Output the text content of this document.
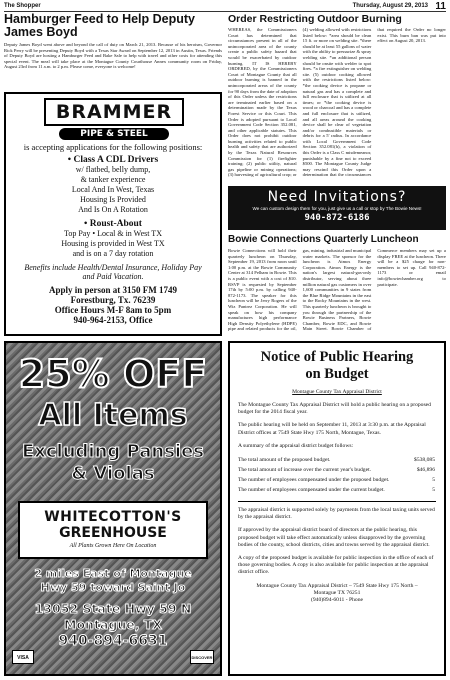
The Shopper	Thursday, August 29, 2013 11
Hamburger Feed to Help Deputy James Boyd
Deputy James Boyd went above and beyond the call of duty on March 21, 2013. Because of his heroism, Governor Rick Perry will be presenting Deputy Boyd with a Texas Star Award on September 12, 2013 in Austin, Texas. Friends of Deputy Boyd are hosting a Hamburger Feed and Bake Sale to help with travel and other costs for attending this special event. The meal will take place at the Montague County Courthouse Annex community room on Friday, August 23rd from 11 a.m. to 2 p.m. Please come, everyone is welcome!
BRAMMER
PIPE & STEEL
is accepting applications for the following positions:
• Class A CDL Drivers
w/ flatbed, belly dump,
& tanker experience
Local And In West, Texas
Housing Is Provided
And Is On A Rotation
• Roust-About
Top Pay • Local & in West TX
Housing is provided in West TX
and is on a 7 day rotation
Benefits include Health/Dental Insurance, Holiday Pay and Paid Vacation.
Apply in person at 3150 FM 1749
Forestburg, Tx. 76239
Office Hours M-F 8am to 5pm
940-964-2153, Office
Order Restricting Outdoor Burning
WHEREAS, the Commissioners Court has determined that circumstances present in all of the unincorporated area of the county create a public safety hazard that would be exacerbated by outdoor burning. IT IS HEREBY ORDERED, by the Commissioners Court of Montague County that all outdoor burning is banned in the unincorporated areas of the county for 90 days from the date of adoption of this Order unless the restrictions are terminated earlier based on a determination made by the Texas Forest Service or this Court. This Order is adopted pursuant to Local Government Code Section 352.081, and other applicable statutes. This Order does not prohibit outdoor burning activities related to public health and safety that are authorized by the Texas Natural Resources Commission for (1) firefighter training; (2) public utility, natural gas pipeline or mining operations; (3) harvesting of agricultural crop; or (4) welding allowed with restrictions listed below: *area should be clean 15 ft. or more on welding site. *there should be at least 55 gallons of water with the ability to pressurize & spray welding site. *an additional person should be onsite with welder to spot fires. *a fire extinguisher on welding site. (5) outdoor cooking allowed with the restrictions listed below: *the cooking device is propane or natural gas and has a complete and full enclosure that is utilized at all times; or *the cooking device is wood or charcoal and has a complete and full enclosure that is utilized, and all areas around the cooking device shall be clear of vegetation and/or combustible materials or debris for a 5' radius. In accordance with Local Government Code Section 352.081(h), a violation of this Order is a Class C misdemeanor, punishable by a fine not to exceed $500. The Montague County Judge may rescind this Order upon a determination that the circumstances that required the Order no longer exist. This burn ban was put into effect on August 20, 2013.
Need Invitations?
We can custom design them for you, just give us a call or stop by The Bowie News!
940-872-6186
Bowie Connections Quarterly Luncheon
Bowie Connections will hold their quarterly luncheon on Thursday, September 19, 2013 from noon until 1:00 p.m. at the Bowie Community Center at 314 Pelham in Bowie. This is a public event with a cost of $10. RSVP is requested by September 17th by 5:00 p.m. by calling 940-872-1173. The speaker for this luncheon will be Jerry Rogers of the Wiz Pantrez Corporation. He will speak on how his company manufactures high performance High Density Polyethylene (HDPE) pipe and related products for the oil, gas, mining, industrial and municipal water markets. The sponsor for the luncheon is Atmos Energy Corporation. Atmos Energy is the nation's largest natural-gas-only distributor, serving about three million natural gas customers in over 1,600 communities in 9 states from the Blue Ridge Mountains in the east to the Rocky Mountains in the west. This quarterly luncheon is brought to you through the partnership of the Bowie Business Partners, Bowie Chamber, Bowie EDC, and Bowie Main Street. Bowie Chamber of Commerce members may set up a display FREE at the luncheon. There will be a $25 charge for non-members to set up. Call 940-872-1173 or email info@bowiechamber.org to participate.
25% OFF
All Items
Excluding Pansies
& Violas
WHITECOTTON'S
GREENHOUSE
All Plants Grown Here On Location
2 miles East of Montague
Hwy 59 toward Saint Jo
13052 State Hwy 59 N
Montague, TX
940-894-6631
VISA	DISCOVER
Notice of Public Hearing
on Budget
Montague County Tax Appraisal District
The Montague County Tax Appraisal District will hold a public hearing on a proposed budget for the 2014 fiscal year.
The public hearing will be held on September 11, 2013 at 3:30 p.m. at the Appraisal District offices at 7549 State Hwy 175 North, Montague, Texas.
A summary of the appraisal district budget follows:
The total amount of the proposed budget.	$538,085
The total amount of increase over the current year's budget.	$46,896
The number of employees compensated under the proposed budget.	5
The number of employees compensated under the current budget.	5
The appraisal district is supported solely by payments from the local taxing units served by the appraisal district.
If approved by the appraisal district board of directors at the public hearing, this proposed budget will take effect automatically unless disapproved by the governing bodies of the county, school districts, cities and towns served by the appraisal district.
A copy of the proposed budget is available for public inspection in the office of each of those governing bodies. A copy is also available for public inspection at the appraisal district office.
Montague County Tax Appraisal District – 7549 State Hwy 175 North –
Montague TX 76251
(940)894-6011 - Phone
